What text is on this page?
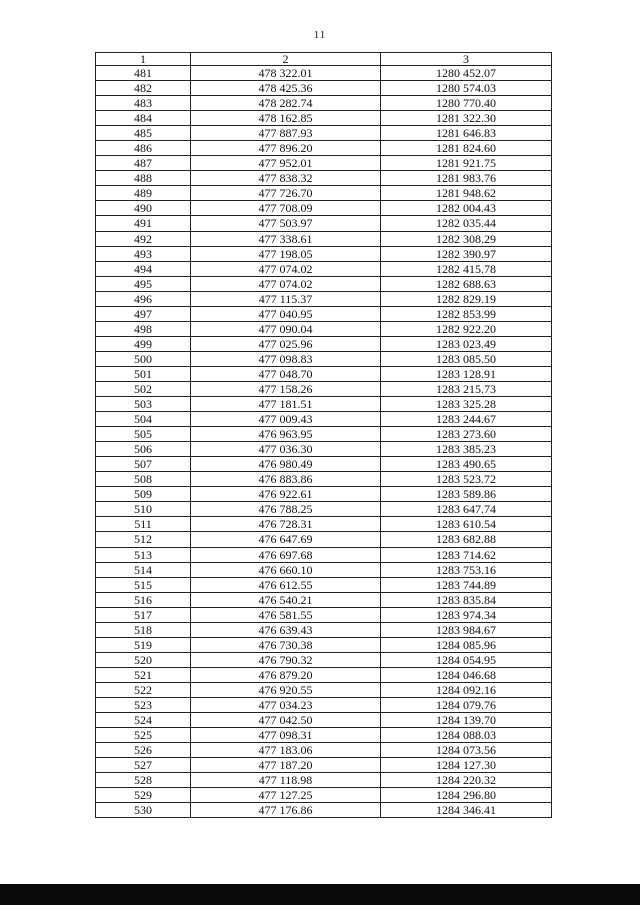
11
1	2	3
481	478 322.01	1280 452.07
482	478 425.36	1280 574.03
483	478 282.74	1280 770.40
484	478 162.85	1281 322.30
485	477 887.93	1281 646.83
486	477 896.20	1281 824.60
487	477 952.01	1281 921.75
488	477 838.32	1281 983.76
489	477 726.70	1281 948.62
490	477 708.09	1282 004.43
491	477 503.97	1282 035.44
492	477 338.61	1282 308.29
493	477 198.05	1282 390.97
494	477 074.02	1282 415.78
495	477 074.02	1282 688.63
496	477 115.37	1282 829.19
497	477 040.95	1282 853.99
498	477 090.04	1282 922.20
499	477 025.96	1283 023.49
500	477 098.83	1283 085.50
501	477 048.70	1283 128.91
502	477 158.26	1283 215.73
503	477 181.51	1283 325.28
504	477 009.43	1283 244.67
505	476 963.95	1283 273.60
506	477 036.30	1283 385.23
507	476 980.49	1283 490.65
508	476 883.86	1283 523.72
509	476 922.61	1283 589.86
510	476 788.25	1283 647.74
511	476 728.31	1283 610.54
512	476 647.69	1283 682.88
513	476 697.68	1283 714.62
514	476 660.10	1283 753.16
515	476 612.55	1283 744.89
516	476 540.21	1283 835.84
517	476 581.55	1283 974.34
518	476 639.43	1283 984.67
519	476 730.38	1284 085.96
520	476 790.32	1284 054.95
521	476 879.20	1284 046.68
522	476 920.55	1284 092.16
523	477 034.23	1284 079.76
524	477 042.50	1284 139.70
525	477 098.31	1284 088.03
526	477 183.06	1284 073.56
527	477 187.20	1284 127.30
528	477 118.98	1284 220.32
529	477 127.25	1284 296.80
530	477 176.86	1284 346.41
